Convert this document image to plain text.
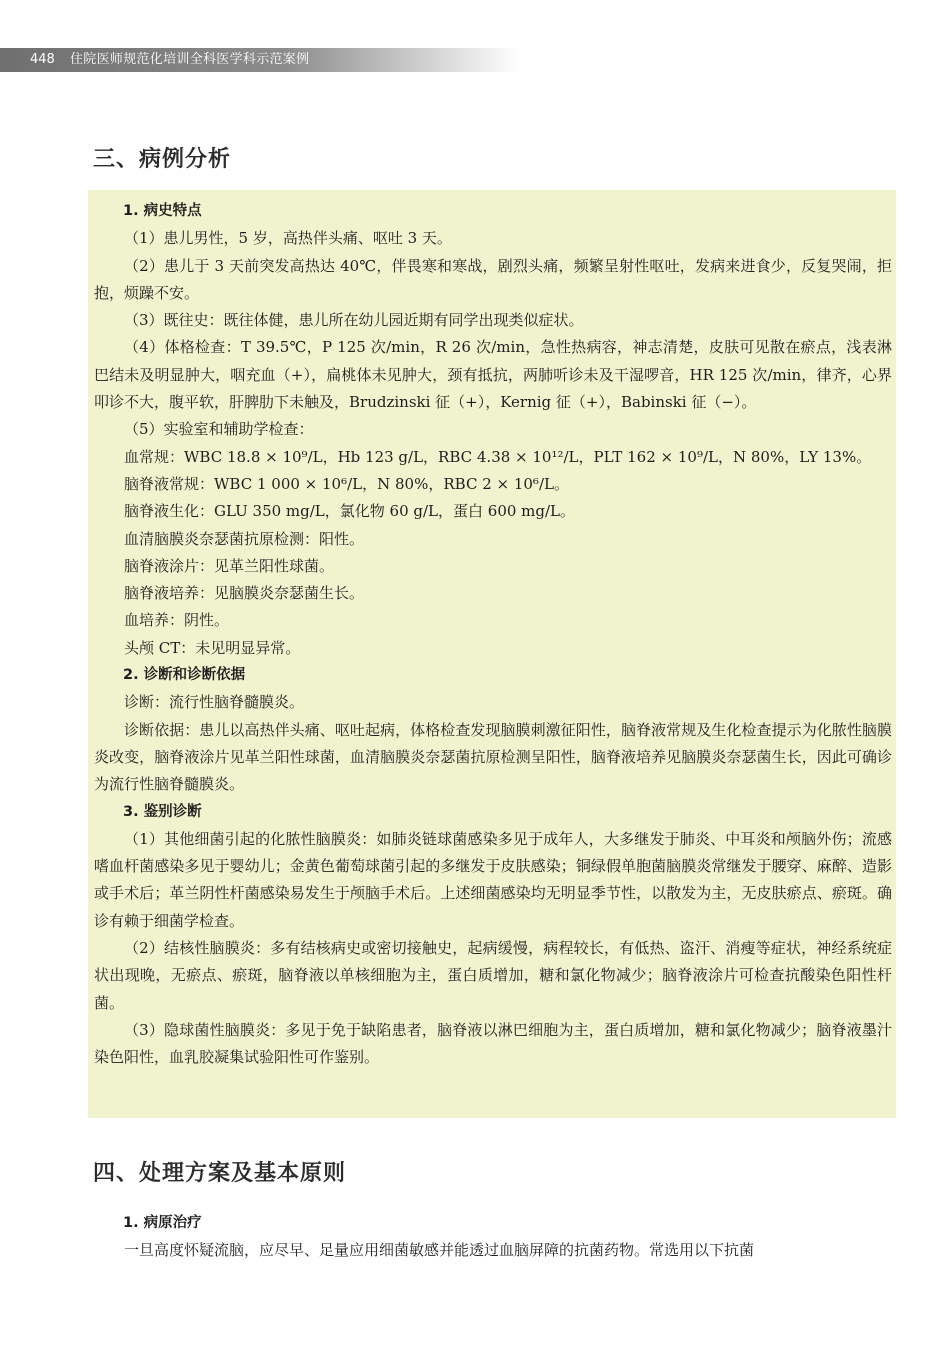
448 住院医师规范化培训全科医学科示范案例
三、病例分析

1. 病史特点

（1）患儿男性，5 岁，高热伴头痛、呕吐 3 天。

（2）患儿于 3 天前突发高热达 40℃，伴畏寒和寒战，剧烈头痛，频繁呈射性呕吐，发病来进食少，反复哭闹，拒抱，烦躁不安。

（3）既往史：既往体健，患儿所在幼儿园近期有同学出现类似症状。

（4）体格检查：T 39.5℃，P 125 次/min，R 26 次/min，急性热病容，神志清楚，皮肤可见散在瘀点，浅表淋巴结未及明显肿大，咽充血（+），扁桃体未见肿大，颈有抵抗，两肺听诊未及干湿啰音，HR 125 次/min，律齐，心界叩诊不大，腹平软，肝脾肋下未触及，Brudzinski 征（+），Kernig 征（+），Babinski 征（−）。

（5）实验室和辅助学检查：

血常规：WBC 18.8 × 10⁹/L，Hb 123 g/L，RBC 4.38 × 10¹²/L，PLT 162 × 10⁹/L，N 80%，LY 13%。

脑脊液常规：WBC 1 000 × 10⁶/L，N 80%，RBC 2 × 10⁶/L。

脑脊液生化：GLU 350 mg/L，氯化物 60 g/L，蛋白 600 mg/L。

血清脑膜炎奈瑟菌抗原检测：阳性。

脑脊液涂片：见革兰阳性球菌。

脑脊液培养：见脑膜炎奈瑟菌生长。

血培养：阴性。

头颅 CT：未见明显异常。

2. 诊断和诊断依据

诊断：流行性脑脊髓膜炎。

诊断依据：患儿以高热伴头痛、呕吐起病，体格检查发现脑膜刺激征阳性，脑脊液常规及生化检查提示为化脓性脑膜炎改变，脑脊液涂片见革兰阳性球菌，血清脑膜炎奈瑟菌抗原检测呈阳性，脑脊液培养见脑膜炎奈瑟菌生长，因此可确诊为流行性脑脊髓膜炎。

3. 鉴别诊断

（1）其他细菌引起的化脓性脑膜炎：如肺炎链球菌感染多见于成年人，大多继发于肺炎、中耳炎和颅脑外伤；流感嗜血杆菌感染多见于婴幼儿；金黄色葡萄球菌引起的多继发于皮肤感染；铜绿假单胞菌脑膜炎常继发于腰穿、麻醉、造影或手术后；革兰阴性杆菌感染易发生于颅脑手术后。上述细菌感染均无明显季节性，以散发为主，无皮肤瘀点、瘀斑。确诊有赖于细菌学检查。

（2）结核性脑膜炎：多有结核病史或密切接触史，起病缓慢，病程较长，有低热、盗汗、消瘦等症状，神经系统症状出现晚，无瘀点、瘀斑，脑脊液以单核细胞为主，蛋白质增加，糖和氯化物减少；脑脊液涂片可检查抗酸染色阳性杆菌。

（3）隐球菌性脑膜炎：多见于免于缺陷患者，脑脊液以淋巴细胞为主，蛋白质增加，糖和氯化物减少；脑脊液墨汁染色阳性，血乳胶凝集试验阳性可作鉴别。

四、处理方案及基本原则

1. 病原治疗

一旦高度怀疑流脑，应尽早、足量应用细菌敏感并能透过血脑屏障的抗菌药物。常选用以下抗菌
